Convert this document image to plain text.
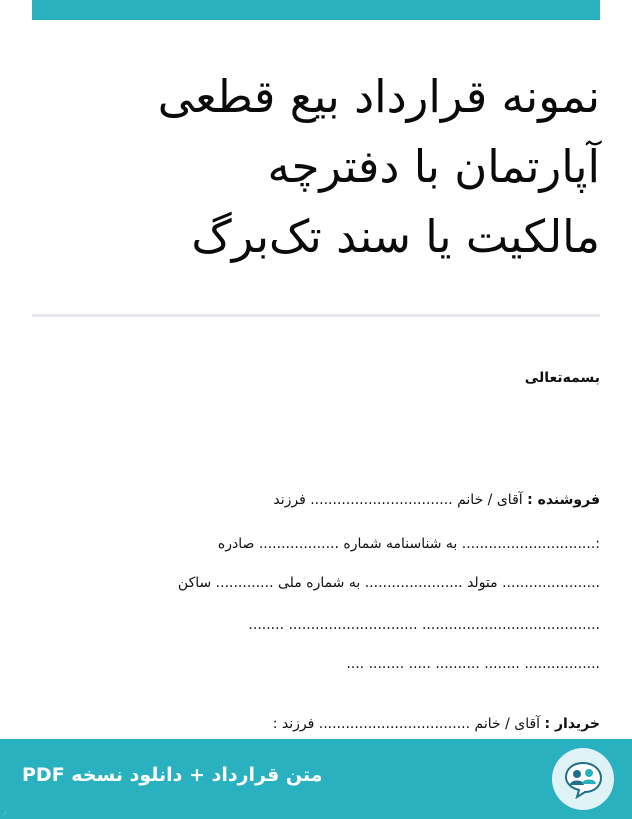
نمونه قرارداد بیع قطعی
آپارتمان با دفترچه
مالکیت یا سند تک‌برگ
بسمه‌تعالی
فروشنده : آقای / خانم ................................ فرزند
:.............................. به شناسنامه شماره .................. صادره
...................... متولد ...................... به شماره ملی ............. ساکن
........................................ ............................. ........
................. ........ .......... ..... ........ ....
خریدار : آقای / خانم .................................. فرزند :
متن قرارداد + دانلود نسخه PDF
ر
